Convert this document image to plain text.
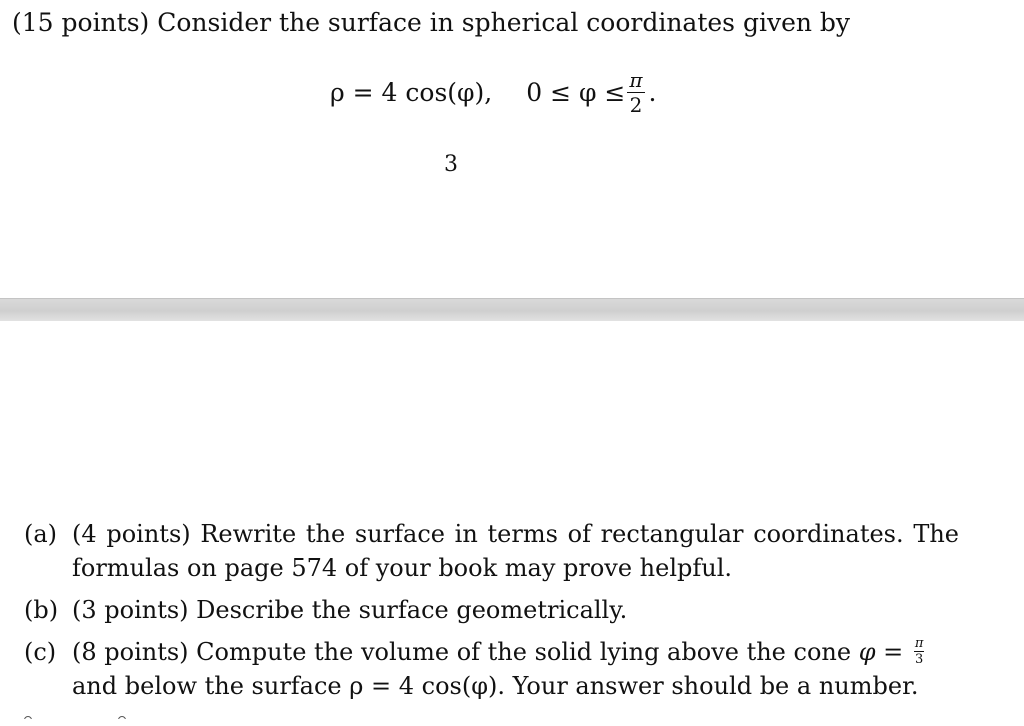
(15 points) Consider the surface in spherical coordinates given by
ρ = 4 cos(φ), $0 \le \varphi \le \frac{\pi}{2}$ .
3
(a) (4 points) Rewrite the surface in terms of rectangular coordinates. The formulas on page 574 of your book may prove helpful.
(b) (3 points) Describe the surface geometrically.
(c) (8 points) Compute the volume of the solid lying above the cone $\varphi = \frac{\pi}{3}$
and below the surface ρ = 4 cos(φ). Your answer should be a number.
